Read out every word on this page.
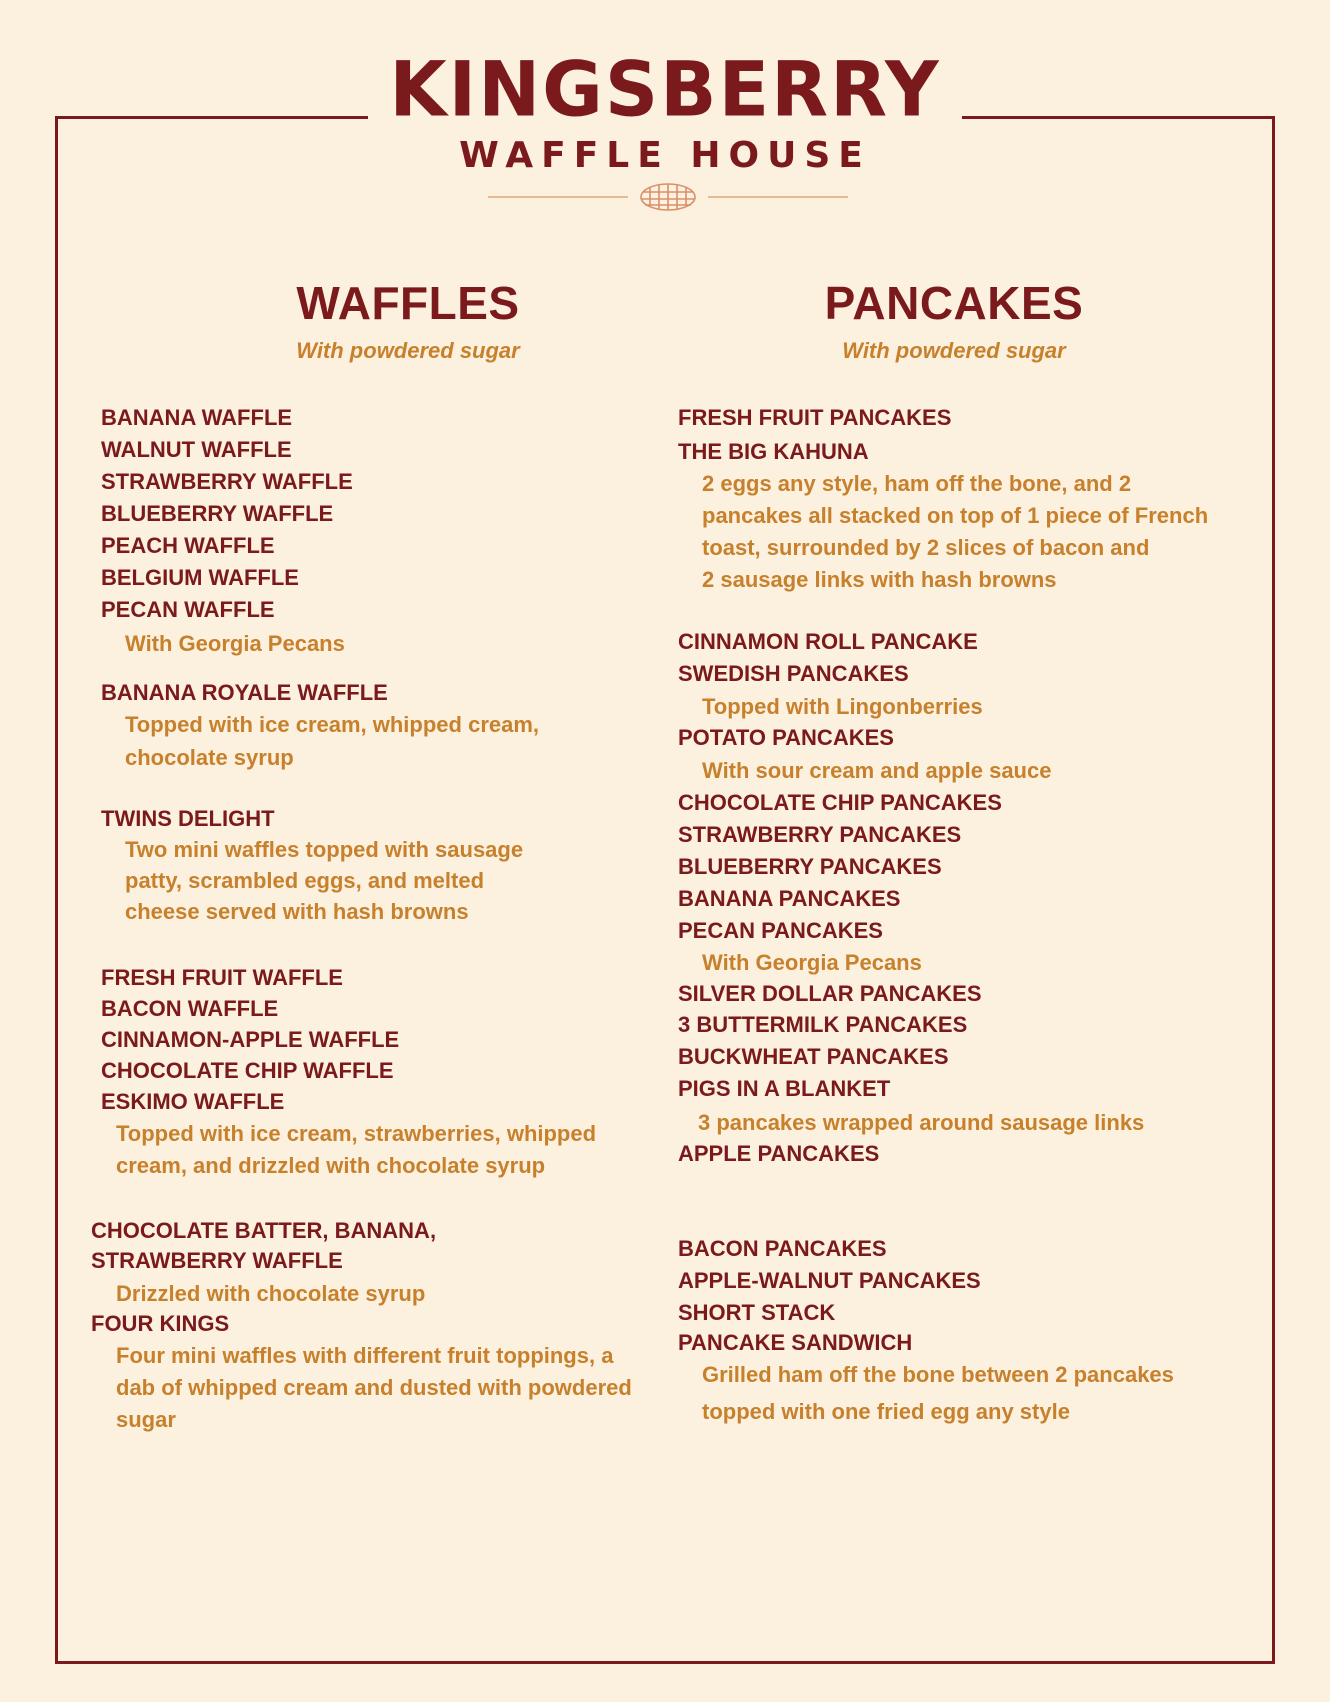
KINGSBERRY
WAFFLE HOUSE
WAFFLES

With powdered sugar

BANANA WAFFLE

WALNUT WAFFLE

STRAWBERRY WAFFLE

BLUEBERRY WAFFLE

PEACH WAFFLE

BELGIUM WAFFLE

PECAN WAFFLE

With Georgia Pecans

BANANA ROYALE WAFFLE

Topped with ice cream, whipped cream,

chocolate syrup

TWINS DELIGHT

Two mini waffles topped with sausage

patty, scrambled eggs, and melted

cheese served with hash browns

FRESH FRUIT WAFFLE

BACON WAFFLE

CINNAMON-APPLE WAFFLE

CHOCOLATE CHIP WAFFLE

ESKIMO WAFFLE

Topped with ice cream, strawberries, whipped

cream, and drizzled with chocolate syrup

CHOCOLATE BATTER, BANANA,

STRAWBERRY WAFFLE

Drizzled with chocolate syrup

FOUR KINGS

Four mini waffles with different fruit toppings, a

dab of whipped cream and dusted with powdered

sugar

PANCAKES

With powdered sugar

FRESH FRUIT PANCAKES

THE BIG KAHUNA

2 eggs any style, ham off the bone, and 2

pancakes all stacked on top of 1 piece of French

toast, surrounded by 2 slices of bacon and

2 sausage links with hash browns

CINNAMON ROLL PANCAKE

SWEDISH PANCAKES

Topped with Lingonberries

POTATO PANCAKES

With sour cream and apple sauce

CHOCOLATE CHIP PANCAKES

STRAWBERRY PANCAKES

BLUEBERRY PANCAKES

BANANA PANCAKES

PECAN PANCAKES

With Georgia Pecans

SILVER DOLLAR PANCAKES

3 BUTTERMILK PANCAKES

BUCKWHEAT PANCAKES

PIGS IN A BLANKET

3 pancakes wrapped around sausage links

APPLE PANCAKES

BACON PANCAKES

APPLE-WALNUT PANCAKES

SHORT STACK

PANCAKE SANDWICH

Grilled ham off the bone between 2 pancakes

topped with one fried egg any style
